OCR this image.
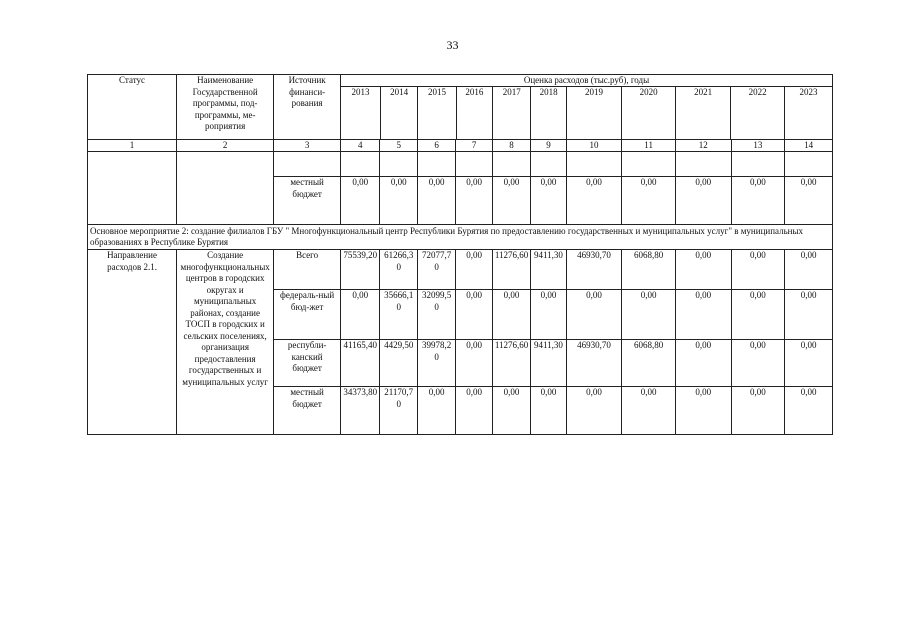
33
Статус	Наименование Государственной программы, под-программы, ме-роприятия	Источник финанси-рования	
Оценка расходов (тыс.руб), годы
2013	2014	2015	2016	2017	2018	2019	2020	2021	2022	2023

1	2	3	4	5	6	7	8	9	10	11	12	13	14

местный бюджет	0,00	0,00	0,00	0,00	0,00	0,00	0,00	0,00	0,00	0,00	0,00
Основное мероприятие 2: создание филиалов ГБУ " Многофункциональный центр Республики Бурятия по предоставлению государственных и муниципальных услуг" в муниципальных образованиях в Республике Бурятия
Направление расходов 2.1.	Создание многофункциональных центров в городских округах и муниципальных районах, создание ТОСП в городских и сельских поселениях, организация предоставления государственных и муниципальных услуг	Всего	75539,20	61266,30	72077,70	0,00	11276,60	9411,30	46930,70	6068,80	0,00	0,00	0,00
федераль-ный бюд-жет	0,00	35666,10	32099,50	0,00	0,00	0,00	0,00	0,00	0,00	0,00	0,00
республи-канский бюджет	41165,40	4429,50	39978,20	0,00	11276,60	9411,30	46930,70	6068,80	0,00	0,00	0,00
местный бюджет	34373,80	21170,70	0,00	0,00	0,00	0,00	0,00	0,00	0,00	0,00	0,00
